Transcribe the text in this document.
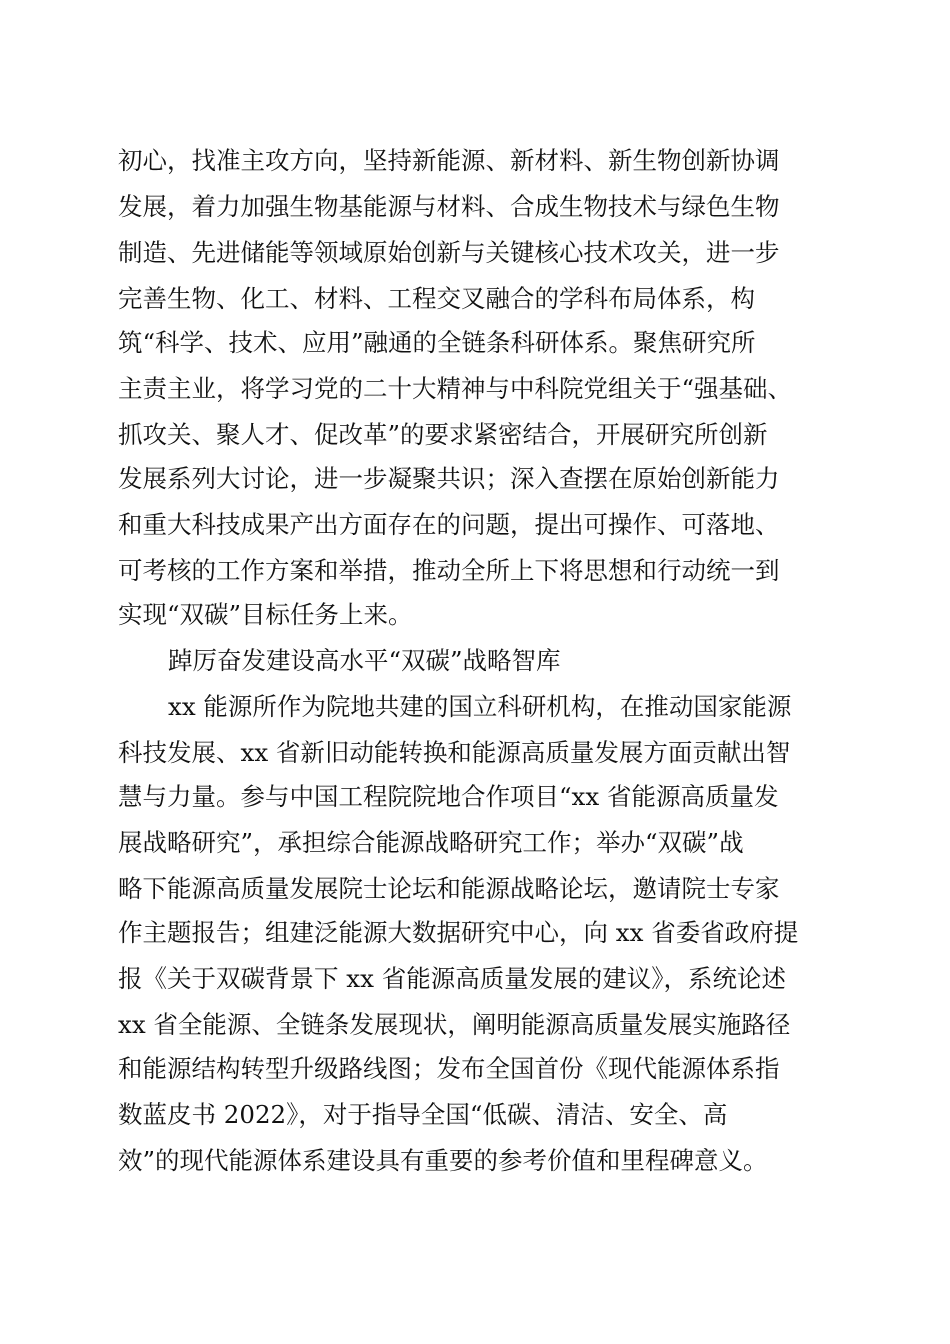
初心，找准主攻方向，坚持新能源、新材料、新生物创新协调
发展，着力加强生物基能源与材料、合成生物技术与绿色生物
制造、先进储能等领域原始创新与关键核心技术攻关，进一步
完善生物、化工、材料、工程交叉融合的学科布局体系，构
筑“科学、技术、应用”融通的全链条科研体系。聚焦研究所
主责主业，将学习党的二十大精神与中科院党组关于“强基础、
抓攻关、聚人才、促改革”的要求紧密结合，开展研究所创新
发展系列大讨论，进一步凝聚共识；深入查摆在原始创新能力
和重大科技成果产出方面存在的问题，提出可操作、可落地、
可考核的工作方案和举措，推动全所上下将思想和行动统一到
实现“双碳”目标任务上来。
踔厉奋发建设高水平“双碳”战略智库
xx 能源所作为院地共建的国立科研机构，在推动国家能源
科技发展、xx 省新旧动能转换和能源高质量发展方面贡献出智
慧与力量。参与中国工程院院地合作项目“xx 省能源高质量发
展战略研究”，承担综合能源战略研究工作；举办“双碳”战
略下能源高质量发展院士论坛和能源战略论坛，邀请院士专家
作主题报告；组建泛能源大数据研究中心，向 xx 省委省政府提
报《关于双碳背景下 xx 省能源高质量发展的建议》，系统论述
xx 省全能源、全链条发展现状，阐明能源高质量发展实施路径
和能源结构转型升级路线图；发布全国首份《现代能源体系指
数蓝皮书 2022》，对于指导全国“低碳、清洁、安全、高
效”的现代能源体系建设具有重要的参考价值和里程碑意义。
